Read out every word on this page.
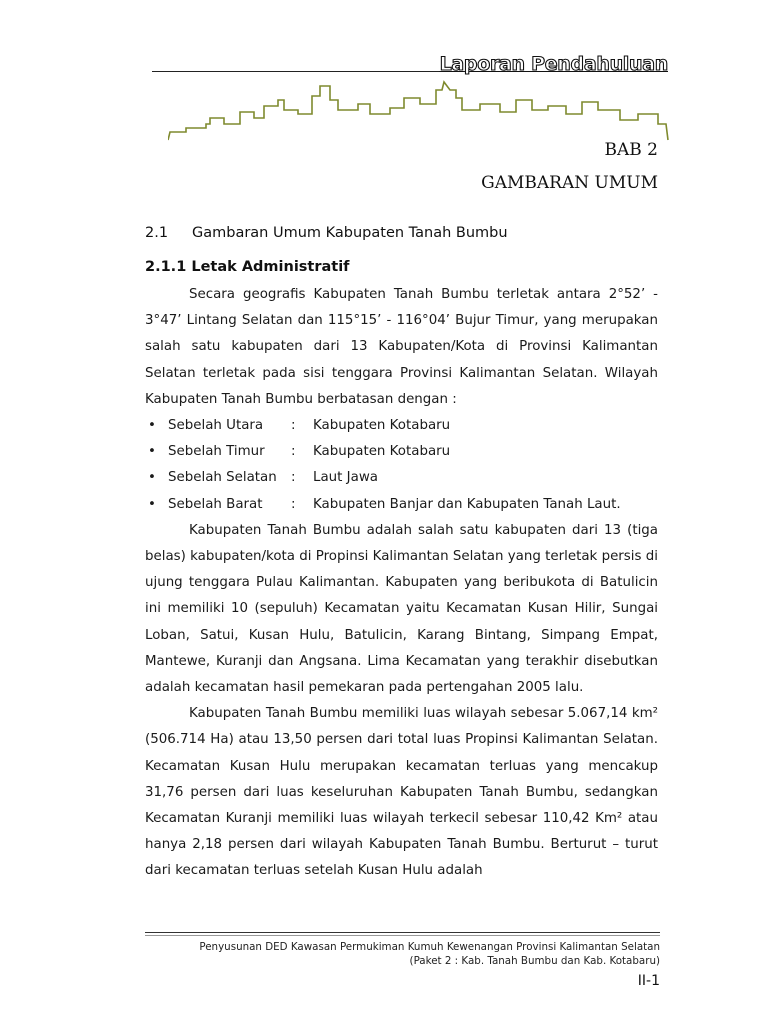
Laporan Pendahuluan
BAB 2
GAMBARAN UMUM
2.1 Gambaran Umum Kabupaten Tanah Bumbu
2.1.1 Letak Administratif

Secara geografis Kabupaten Tanah Bumbu terletak antara 2°52’ - 3°47’ Lintang Selatan dan 115°15’ - 116°04’ Bujur Timur, yang merupakan salah satu kabupaten dari 13 Kabupaten/Kota di Provinsi Kalimantan Selatan terletak pada sisi tenggara Provinsi Kalimantan Selatan. Wilayah Kabupaten Tanah Bumbu berbatasan dengan :

• Sebelah Utara : Kabupaten Kotabaru
• Sebelah Timur : Kabupaten Kotabaru
• Sebelah Selatan : Laut Jawa
• Sebelah Barat : Kabupaten Banjar dan Kabupaten Tanah Laut.

Kabupaten Tanah Bumbu adalah salah satu kabupaten dari 13 (tiga belas) kabupaten/kota di Propinsi Kalimantan Selatan yang terletak persis di ujung tenggara Pulau Kalimantan. Kabupaten yang beribukota di Batulicin ini memiliki 10 (sepuluh) Kecamatan yaitu Kecamatan Kusan Hilir, Sungai Loban, Satui, Kusan Hulu, Batulicin, Karang Bintang, Simpang Empat, Mantewe, Kuranji dan Angsana. Lima Kecamatan yang terakhir disebutkan adalah kecamatan hasil pemekaran pada pertengahan 2005 lalu.

Kabupaten Tanah Bumbu memiliki luas wilayah sebesar 5.067,14 km² (506.714 Ha) atau 13,50 persen dari total luas Propinsi Kalimantan Selatan. Kecamatan Kusan Hulu merupakan kecamatan terluas yang mencakup 31,76 persen dari luas keseluruhan Kabupaten Tanah Bumbu, sedangkan Kecamatan Kuranji memiliki luas wilayah terkecil sebesar 110,42 Km² atau hanya 2,18 persen dari wilayah Kabupaten Tanah Bumbu. Berturut – turut dari kecamatan terluas setelah Kusan Hulu adalah

Penyusunan DED Kawasan Permukiman Kumuh Kewenangan Provinsi Kalimantan Selatan
(Paket 2 : Kab. Tanah Bumbu dan Kab. Kotabaru)
II-1
